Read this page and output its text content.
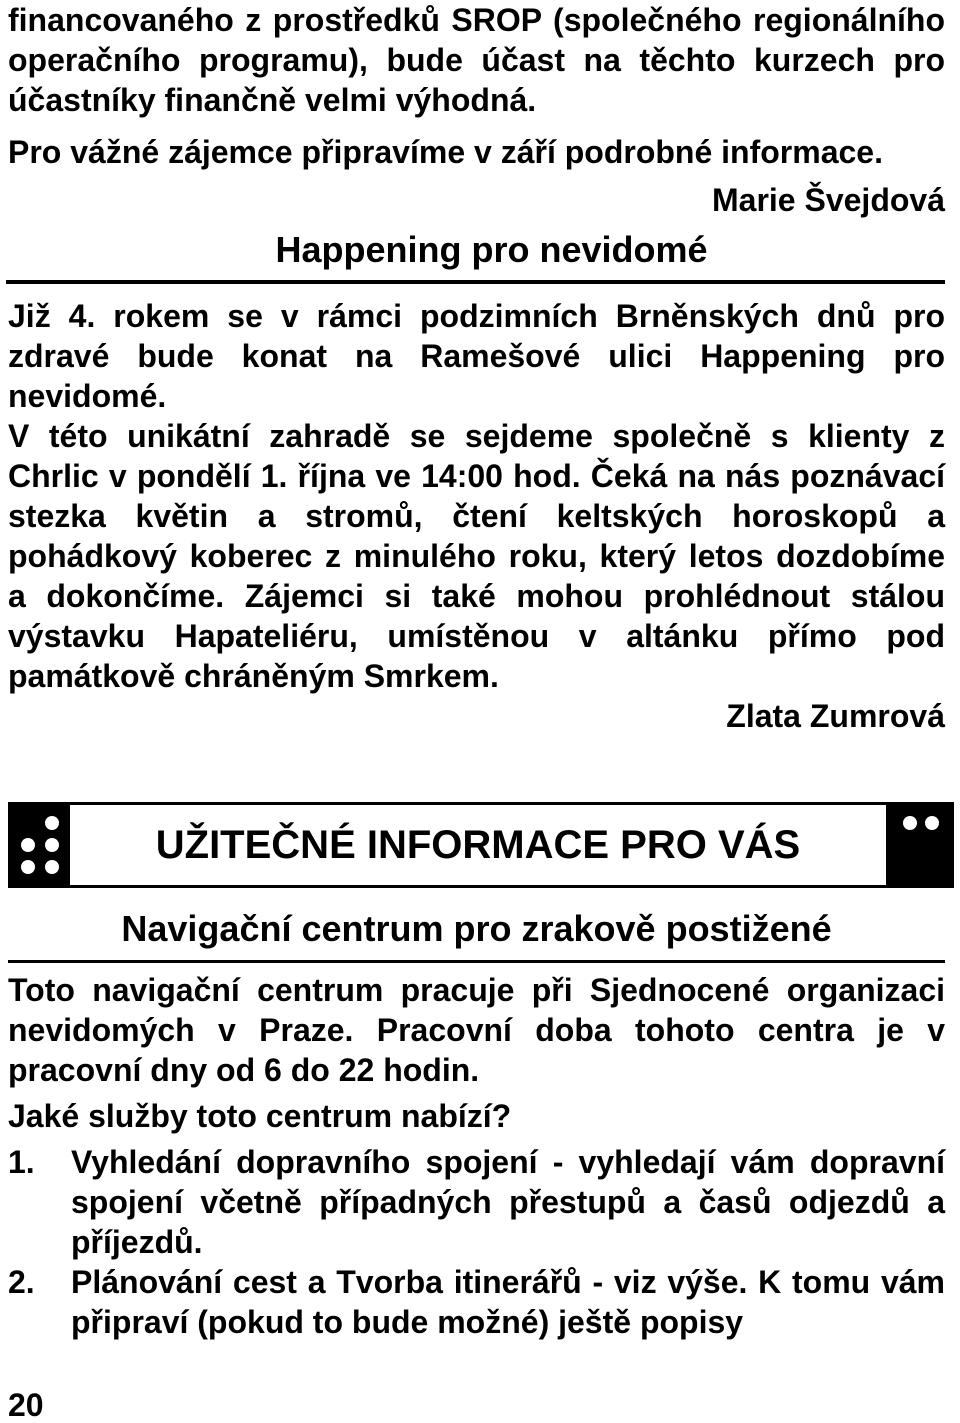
financovaného z prostředků SROP (společného regionálního operačního programu), bude účast na těchto kurzech pro účastníky finančně velmi výhodná.
Pro vážné zájemce připravíme v září podrobné informace.
Marie Švejdová
Happening pro nevidomé
Již 4. rokem se v rámci podzimních Brněnských dnů pro zdravé bude konat na Ramešové ulici Happening pro nevidomé.
V této unikátní zahradě se sejdeme společně s klienty z Chrlic v pondělí 1. října ve 14:00 hod. Čeká na nás poznávací stezka květin a stromů, čtení keltských horoskopů a pohádkový koberec z minulého roku, který letos dozdobíme a dokončíme. Zájemci si také mohou prohlédnout stálou výstavku Hapateliéru, umístěnou v altánku přímo pod památkově chráněným Smrkem.
Zlata Zumrová
UŽITEČNÉ INFORMACE PRO VÁS
Navigační centrum pro zrakově postižené
Toto navigační centrum pracuje při Sjednocené organizaci nevidomých v Praze. Pracovní doba tohoto centra je v pracovní dny od 6 do 22 hodin.
Jaké služby toto centrum nabízí?
1.	Vyhledání dopravního spojení - vyhledají vám dopravní spojení včetně případných přestupů a časů odjezdů a příjezdů.
2.	Plánování cest a Tvorba itinerářů - viz výše. K tomu vám připraví (pokud to bude možné) ještě popisy
20
